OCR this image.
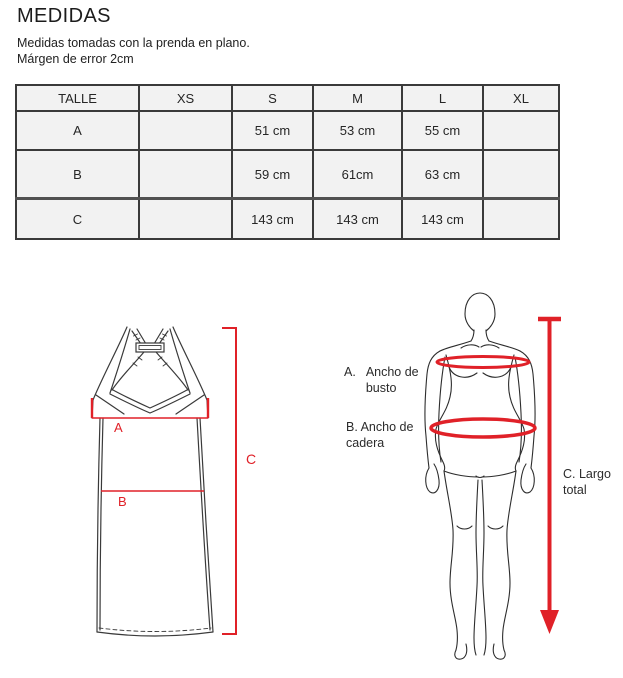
MEDIDAS
Medidas tomadas con la prenda en plano.
Márgen de error 2cm
TALLE	XS	S	M	L	XL
A		51 cm	53 cm	55 cm	
B		59 cm	61cm	63 cm	
C		143 cm	143 cm	143 cm	
A
B
C
A. Ancho de
busto
B. Ancho de
cadera
C. Largo
total
